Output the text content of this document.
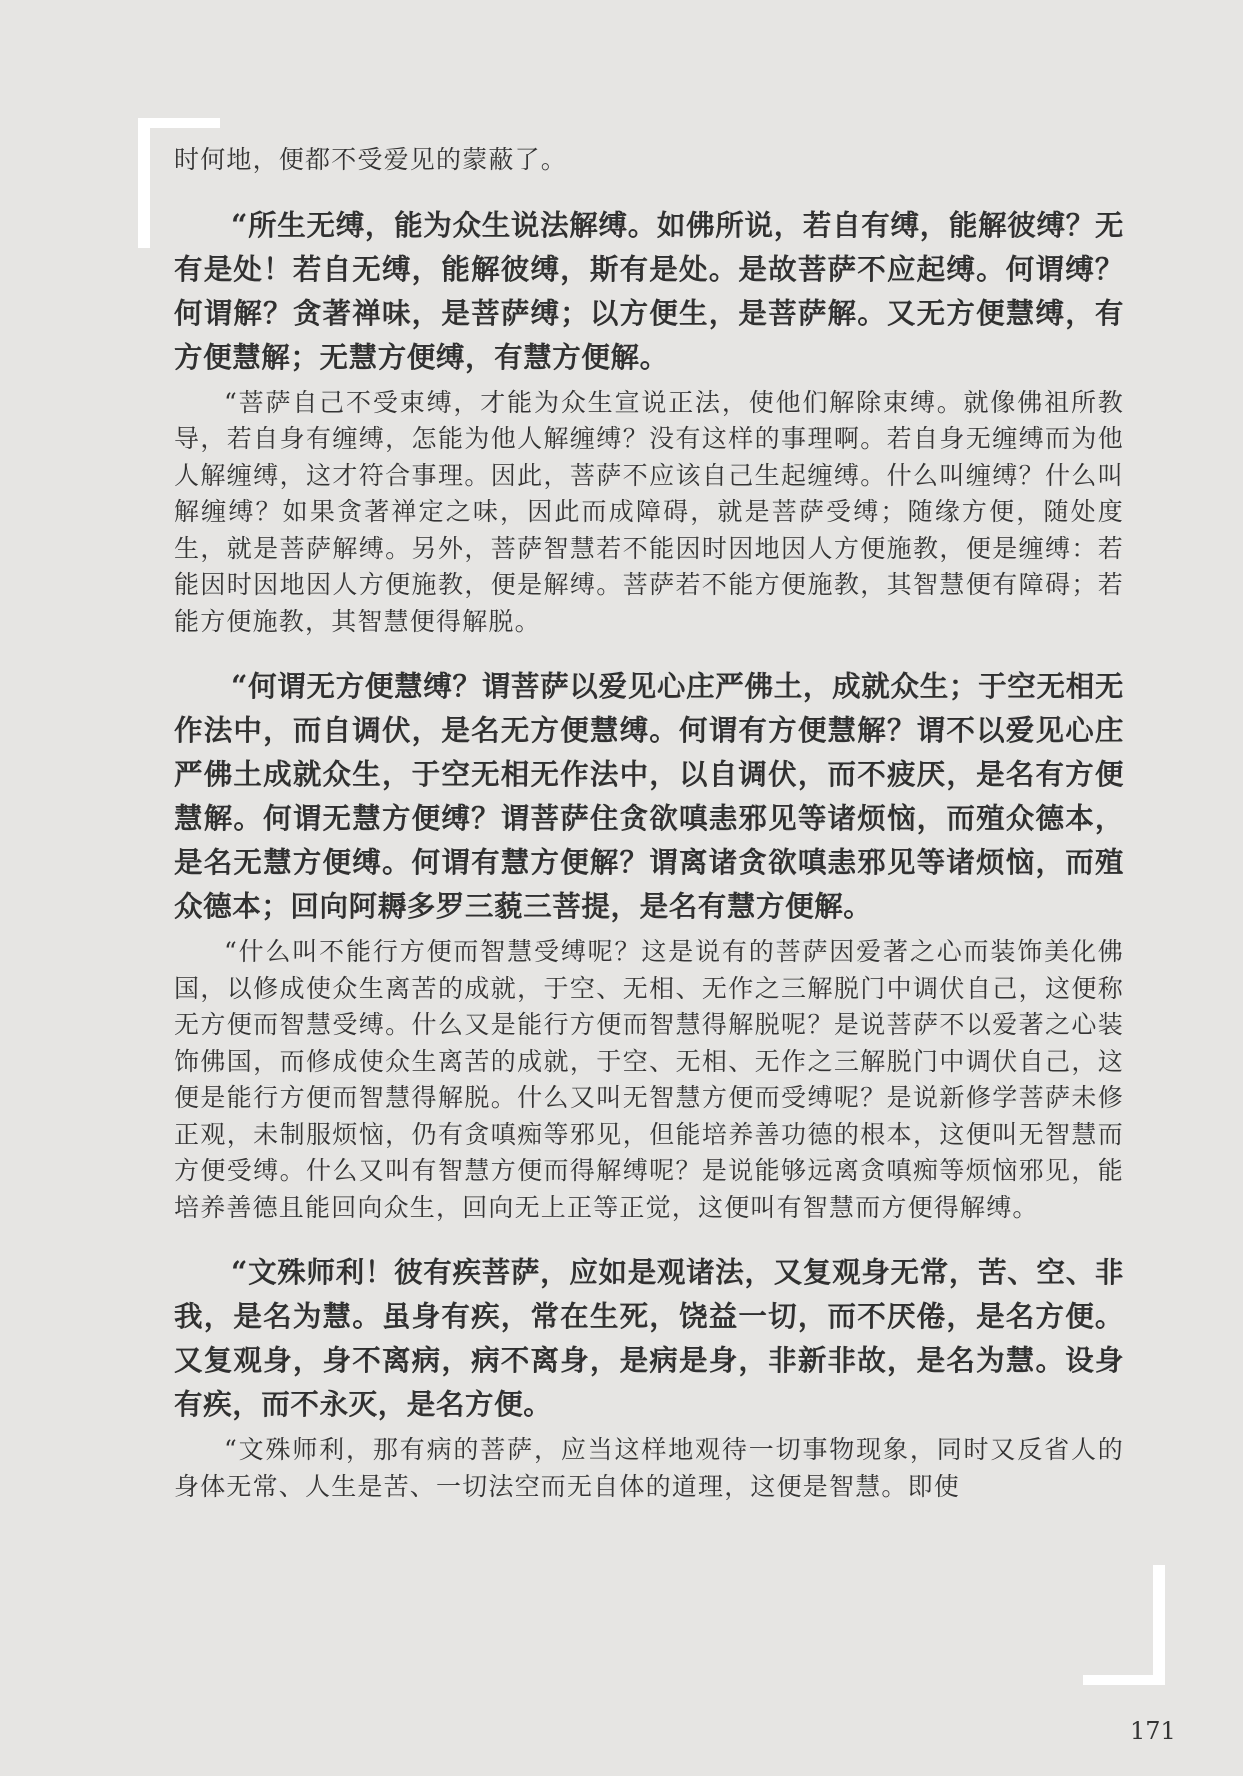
时何地，便都不受爱见的蒙蔽了。

“所生无缚，能为众生说法解缚。如佛所说，若自有缚，能解彼缚？无有是处！若自无缚，能解彼缚，斯有是处。是故菩萨不应起缚。何谓缚？何谓解？贪著禅味，是菩萨缚；以方便生，是菩萨解。又无方便慧缚，有方便慧解；无慧方便缚，有慧方便解。

“菩萨自己不受束缚，才能为众生宣说正法，使他们解除束缚。就像佛祖所教导，若自身有缠缚，怎能为他人解缠缚？没有这样的事理啊。若自身无缠缚而为他人解缠缚，这才符合事理。因此，菩萨不应该自己生起缠缚。什么叫缠缚？什么叫解缠缚？如果贪著禅定之味，因此而成障碍，就是菩萨受缚；随缘方便，随处度生，就是菩萨解缚。另外，菩萨智慧若不能因时因地因人方便施教，便是缠缚：若能因时因地因人方便施教，便是解缚。菩萨若不能方便施教，其智慧便有障碍；若能方便施教，其智慧便得解脱。

“何谓无方便慧缚？谓菩萨以爱见心庄严佛土，成就众生；于空无相无作法中，而自调伏，是名无方便慧缚。何谓有方便慧解？谓不以爱见心庄严佛土成就众生，于空无相无作法中，以自调伏，而不疲厌，是名有方便慧解。何谓无慧方便缚？谓菩萨住贪欲嗔恚邪见等诸烦恼，而殖众德本，是名无慧方便缚。何谓有慧方便解？谓离诸贪欲嗔恚邪见等诸烦恼，而殖众德本；回向阿耨多罗三藐三菩提，是名有慧方便解。

“什么叫不能行方便而智慧受缚呢？这是说有的菩萨因爱著之心而装饰美化佛国，以修成使众生离苦的成就，于空、无相、无作之三解脱门中调伏自己，这便称无方便而智慧受缚。什么又是能行方便而智慧得解脱呢？是说菩萨不以爱著之心装饰佛国，而修成使众生离苦的成就，于空、无相、无作之三解脱门中调伏自己，这便是能行方便而智慧得解脱。什么又叫无智慧方便而受缚呢？是说新修学菩萨未修正观，未制服烦恼，仍有贪嗔痴等邪见，但能培养善功德的根本，这便叫无智慧而方便受缚。什么又叫有智慧方便而得解缚呢？是说能够远离贪嗔痴等烦恼邪见，能培养善德且能回向众生，回向无上正等正觉，这便叫有智慧而方便得解缚。

“文殊师利！彼有疾菩萨，应如是观诸法，又复观身无常，苦、空、非我，是名为慧。虽身有疾，常在生死，饶益一切，而不厌倦，是名方便。又复观身，身不离病，病不离身，是病是身，非新非故，是名为慧。设身有疾，而不永灭，是名方便。

“文殊师利，那有病的菩萨，应当这样地观待一切事物现象，同时又反省人的身体无常、人生是苦、一切法空而无自体的道理，这便是智慧。即使

171
